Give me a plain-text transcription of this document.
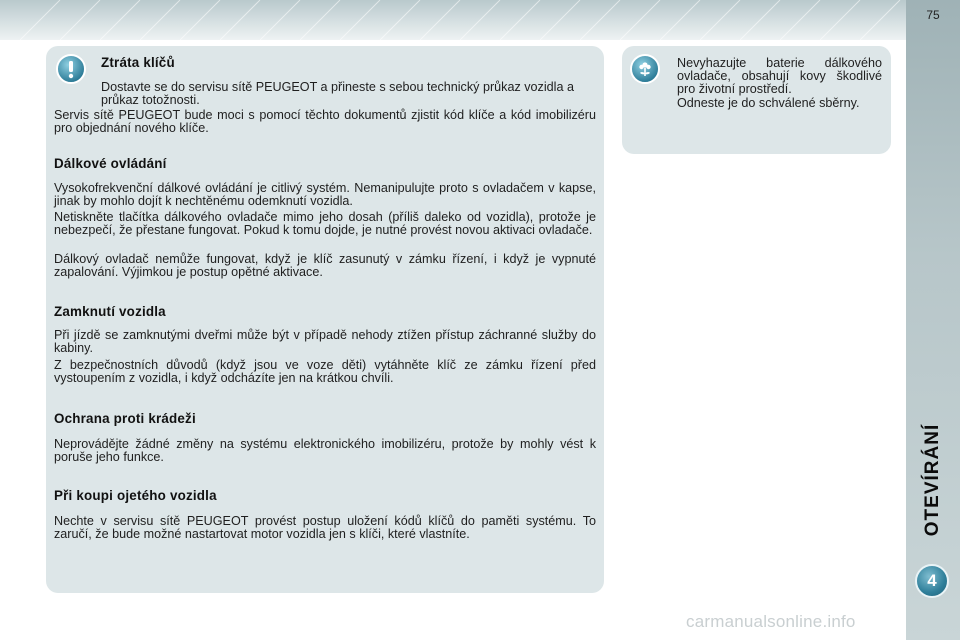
75
OTEVÍRÁNÍ
4
Ztráta klíčů

Dostavte se do servisu sítě PEUGEOT a přineste s sebou technický průkaz vozidla a průkaz totožnosti.

Servis sítě PEUGEOT bude moci s pomocí těchto dokumentů zjistit kód klíče a kód imobilizéru pro objednání nového klíče.

Dálkové ovládání

Vysokofrekvenční dálkové ovládání je citlivý systém. Nemanipulujte proto s ovladačem v kapse, jinak by mohlo dojít k nechtěnému odemknutí vozidla.

Netiskněte tlačítka dálkového ovladače mimo jeho dosah (příliš daleko od vozidla), protože je nebezpečí, že přestane fungovat. Pokud k tomu dojde, je nutné provést novou aktivaci ovladače.

Dálkový ovladač nemůže fungovat, když je klíč zasunutý v zámku řízení, i když je vypnuté zapalování. Výjimkou je postup opětné aktivace.

Zamknutí vozidla

Při jízdě se zamknutými dveřmi může být v případě nehody ztížen přístup záchranné služby do kabiny.

Z bezpečnostních důvodů (když jsou ve voze děti) vytáhněte klíč ze zámku řízení před vystoupením z vozidla, i když odcházíte jen na krátkou chvíli.

Ochrana proti krádeži

Neprovádějte žádné změny na systému elektronického imobilizéru, protože by mohly vést k poruše jeho funkce.

Při koupi ojetého vozidla

Nechte v servisu sítě PEUGEOT provést postup uložení kódů klíčů do paměti systému. To zaručí, že bude možné nastartovat motor vozidla jen s klíči, které vlastníte.

Nevyhazujte baterie dálkového ovladače, obsahují kovy škodlivé pro životní prostředí.

Odneste je do schválené sběrny.

carmanualsonline.info
